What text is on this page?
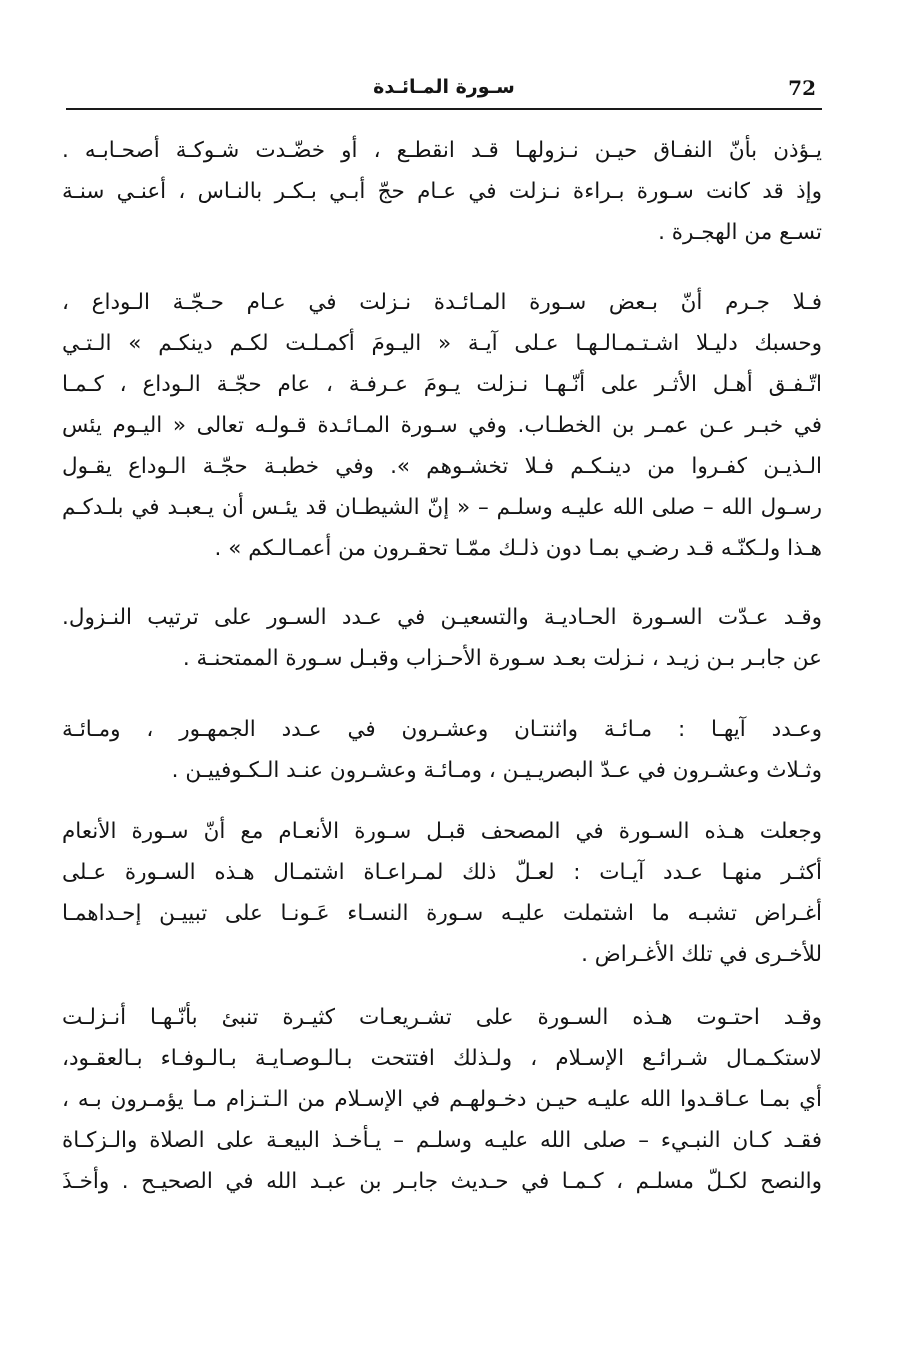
72
سـورة المـائـدة
يـؤذن بأنّ النفـاق حيـن نـزولهـا قـد انقطـع ، أو خضّـدت شـوكـة أصحـابـه .
وإذ قد كانت سـورة بـراءة نـزلت في عـام حجّ أبـي بـكـر بالنـاس ، أعنـي سنـة
تسـع من الهجـرة .
فـلا جـرم أنّ بـعض سـورة المـائـدة نـزلت في عـام حـجّـة الـوداع ،
وحسبك دليـلا اشـتـمـالـهـا عـلى آيـة « اليـومَ أكمـلـت لكـم دينكـم » الـتـي
اتّـفـق أهـل الأثـر على أنّـهـا نـزلت يـومَ عـرفـة ، عام حجّـة الـوداع ، كـمـا
في خبـر عـن عمـر بن الخطـاب. وفي سـورة المـائـدة قـولـه تعالى « اليـوم يئس
الـذيـن كفـروا من دينـكـم فـلا تخشـوهم ». وفي خطبـة حجّـة الـوداع يقـول
رسـول الله – صلى الله عليـه وسلـم – « إنّ الشيطـان قد يئـس أن يـعبـد في بلـدكـم
هـذا ولـكنّـه قـد رضـي بمـا دون ذلـك ممّـا تحقـرون من أعمـالـكم » .
وقـد عـدّت السـورة الحـاديـة والتسعيـن في عـدد السـور على ترتيب النـزول.
عن جابـر بـن زيـد ، نـزلت بعـد سـورة الأحـزاب وقبـل سـورة الممتحنـة .
وعـدد آيهـا : مـائـة واثنتـان وعشـرون في عـدد الجمهـور ، ومـائـة
وثـلاث وعشـرون في عـدّ البصريـيـن ، ومـائـة وعشـرون عنـد الـكـوفييـن .
وجعلت هـذه السـورة في المصحف قبـل سـورة الأنعـام مع أنّ سـورة الأنعام
أكثـر منهـا عـدد آيـات : لعـلّ ذلك لمـراعـاة اشتمـال هـذه السـورة عـلى
أغـراض تشبـه ما اشتملت عليـه سـورة النسـاء عَـونـا على تبييـن إحـداهمـا
للأخـرى في تلك الأغـراض .
وقـد احتـوت هـذه السـورة على تشـريعـات كثيـرة تنبئ بأنّـهـا أنـزلـت
لاستكـمـال شـرائـع الإسـلام ، ولـذلك افتتحت بـالـوصـايـة بـالـوفـاء بـالعقـود،
أي بمـا عـاقـدوا الله عليـه حيـن دخـولهـم في الإسـلام من الـتـزام مـا يؤمـرون بـه ،
فقـد كـان النبـيء – صلى الله عليـه وسلـم – يـأخـذ البيعـة على الصلاة والـزكـاة
والنصح لكـلّ مسلـم ، كـمـا في حـديث جابـر بن عبـد الله في الصحيـح . وأخـذَ
